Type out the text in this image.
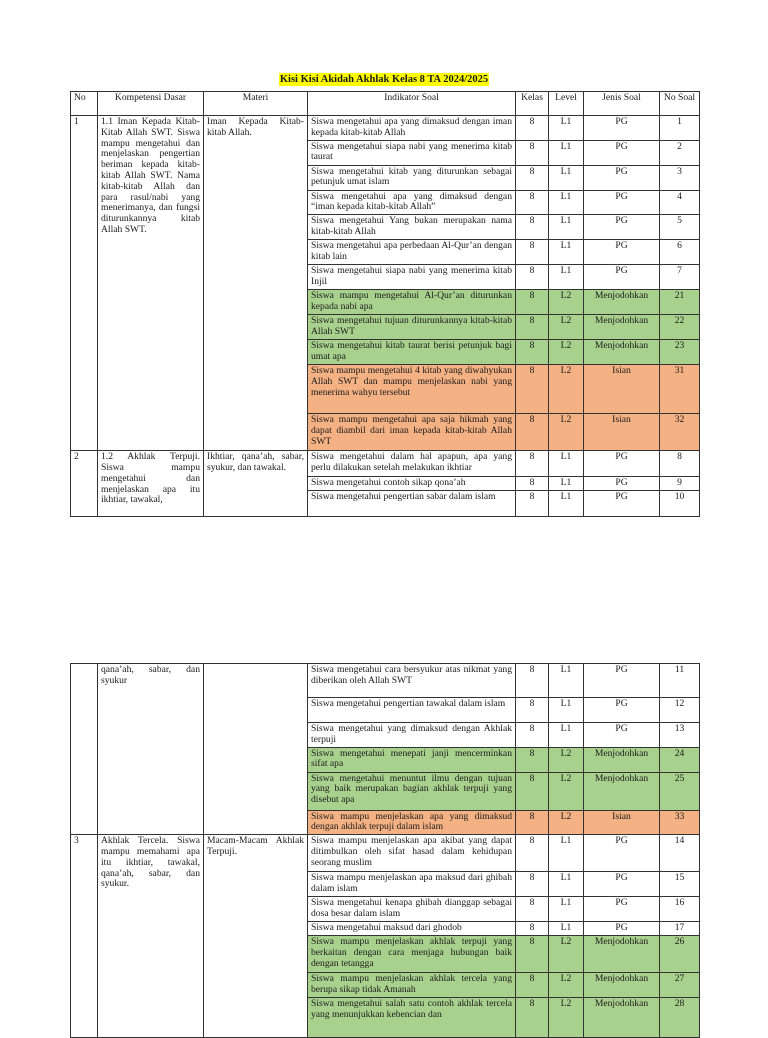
Kisi Kisi Akidah Akhlak Kelas 8 TA 2024/2025
No	Kompetensi Dasar	Materi	Indikator Soal	Kelas	Level	Jenis Soal	No Soal
1	1.1 Iman Kepada Kitab-Kitab Allah SWT. Siswa mampu mengetahui dan menjelaskan pengertian beriman kepada kitab-kitab Allah SWT. Nama kitab-kitab Allah dan para rasul/nabi yang menerimanya, dan fungsi diturunkannya kitab Allah SWT.	Iman Kepada Kitab-kitab Allah.	Siswa mengetahui apa yang dimaksud dengan iman kepada kitab-kitab Allah	8	L1	PG	1
			Siswa mengetahui siapa nabi yang menerima kitab taurat	8	L1	PG	2
			Siswa mengetahui kitab yang diturunkan sebagai petunjuk umat islam	8	L1	PG	3
			Siswa mengetahui apa yang dimaksud dengan “iman kepada kitab-kitab Allah”	8	L1	PG	4
			Siswa mengetahui Yang bukan merupakan nama kitab-kitab Allah	8	L1	PG	5
			Siswa mengetahui apa perbedaan Al-Qur’an dengan kitab lain	8	L1	PG	6
			Siswa mengetahui siapa nabi yang menerima kitab Injil	8	L1	PG	7
			Siswa mampu mengetahui Al-Qur’an diturunkan kepada nabi apa	8	L2	Menjodohkan	21
			Siswa mengetahui tujuan diturunkannya kitab-kitab Allah SWT	8	L2	Menjodohkan	22
			Siswa mengetahui kitab taurat berisi petunjuk bagi umat apa	8	L2	Menjodohkan	23
			Siswa mampu mengetahui 4 kitab yang diwahyukan Allah SWT dan mampu menjelaskan nabi yang menerima wahyu tersebut	8	L2	Isian	31
			Siswa mampu mengetahui apa saja hikmah yang dapat diambil dari iman kepada kitab-kitab Allah SWT	8	L2	Isian	32
2	1.2 Akhlak Terpuji. Siswa mampu mengetahui dan menjelaskan apa itu ikhtiar, tawakal,	Ikhtiar, qana’ah, sabar, syukur, dan tawakal.	Siswa mengetahui dalam hal apapun, apa yang perlu dilakukan setelah melakukan ikhtiar	8	L1	PG	8
			Siswa mengetahui contoh sikap qona’ah	8	L1	PG	9
			Siswa mengetahui pengertian sabar dalam islam	8	L1	PG	10
	qana’ah, sabar, dan syukur		Siswa mengetahui cara bersyukur atas nikmat yang diberikan oleh Allah SWT	8	L1	PG	11
			Siswa mengetahui pengertian tawakal dalam islam	8	L1	PG	12
			Siswa mengetahui yang dimaksud dengan Akhlak terpuji	8	L1	PG	13
			Siswa mengetahui menepati janji mencerminkan sifat apa	8	L2	Menjodohkan	24
			Siswa mengetahui menuntut ilmu dengan tujuan yang baik merupakan bagian akhlak terpuji yang disebut apa	8	L2	Menjodohkan	25
			Siswa mampu menjelaskan apa yang dimaksud dengan akhlak terpuji dalam islam	8	L2	Isian	33
3	Akhlak Tercela. Siswa mampu memahami apa itu ikhtiar, tawakal, qana’ah, sabar, dan syukur.	Macam-Macam Akhlak Terpuji.	Siswa mampu menjelaskan apa akibat yang dapat ditimbulkan oleh sifat hasad dalam kehidupan seorang muslim	8	L1	PG	14
			Siswa mampu menjelaskan apa maksud dari ghibah dalam islam	8	L1	PG	15
			Siswa mengetahui kenapa ghibah dianggap sebagai dosa besar dalam islam	8	L1	PG	16
			Siswa mengetahui maksud dari ghodob	8	L1	PG	17
			Siswa mampu menjelaskan akhlak terpuji yang berkaitan dengan cara menjaga hubungan baik dengan tetangga	8	L2	Menjodohkan	26
			Siswa mampu menjelaskan akhlak tercela yang berupa sikap tidak Amanah	8	L2	Menjodohkan	27
			Siswa mengetahui salah satu contoh akhlak tercela yang menunjukkan kebencian dan	8	L2	Menjodohkan	28
